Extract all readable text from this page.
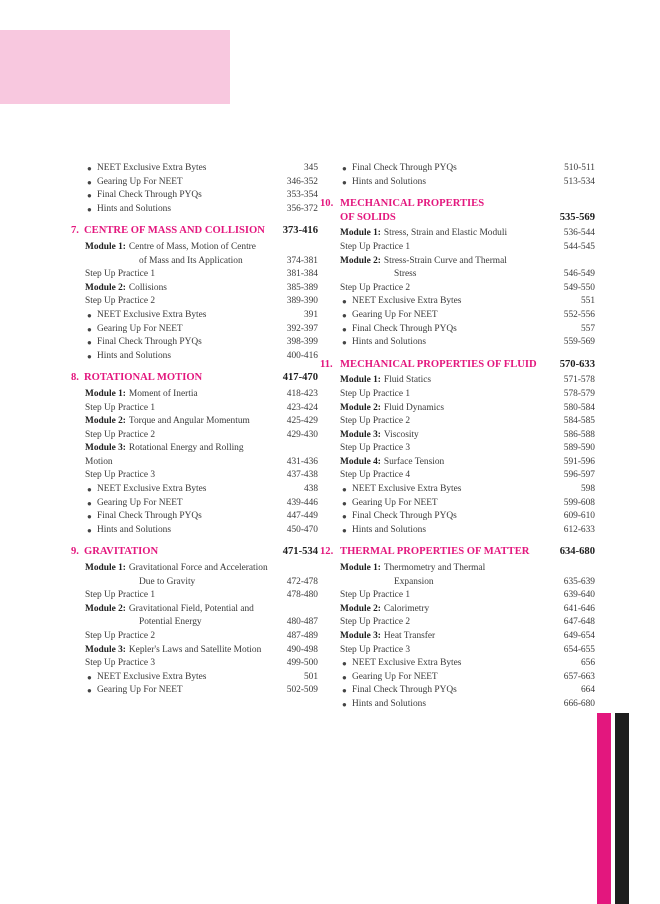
● NEET Exclusive Extra Bytes	345
● Gearing Up For NEET	346-352
● Final Check Through PYQs	353-354
● Hints and Solutions	356-372
7. CENTRE OF MASS AND COLLISION 373-416
Module 1: Centre of Mass, Motion of Centre
of Mass and Its Application	374-381
Step Up Practice 1	381-384
Module 2: Collisions	385-389
Step Up Practice 2	389-390
● NEET Exclusive Extra Bytes	391
● Gearing Up For NEET	392-397
● Final Check Through PYQs	398-399
● Hints and Solutions	400-416
8. ROTATIONAL MOTION	417-470
Module 1: Moment of Inertia	418-423
Step Up Practice 1	423-424
Module 2: Torque and Angular Momentum	425-429
Step Up Practice 2	429-430
Module 3: Rotational Energy and Rolling
Motion	431-436
Step Up Practice 3	437-438
● NEET Exclusive Extra Bytes	438
● Gearing Up For NEET	439-446
● Final Check Through PYQs	447-449
● Hints and Solutions	450-470
9. GRAVITATION	471-534
Module 1: Gravitational Force and Acceleration
Due to Gravity	472-478
Step Up Practice 1	478-480
Module 2: Gravitational Field, Potential and
Potential Energy	480-487
Step Up Practice 2	487-489
Module 3: Kepler's Laws and Satellite Motion	490-498
Step Up Practice 3	499-500
● NEET Exclusive Extra Bytes	501
● Gearing Up For NEET	502-509
● Final Check Through PYQs	510-511
● Hints and Solutions	513-534
10. MECHANICAL PROPERTIES
OF SOLIDS	535-569
Module 1: Stress, Strain and Elastic Moduli	536-544
Step Up Practice 1	544-545
Module 2: Stress-Strain Curve and Thermal
Stress	546-549
Step Up Practice 2	549-550
● NEET Exclusive Extra Bytes	551
● Gearing Up For NEET	552-556
● Final Check Through PYQs	557
● Hints and Solutions	559-569
11. MECHANICAL PROPERTIES OF FLUID 570-633
Module 1: Fluid Statics	571-578
Step Up Practice 1	578-579
Module 2: Fluid Dynamics	580-584
Step Up Practice 2	584-585
Module 3: Viscosity	586-588
Step Up Practice 3	589-590
Module 4: Surface Tension	591-596
Step Up Practice 4	596-597
● NEET Exclusive Extra Bytes	598
● Gearing Up For NEET	599-608
● Final Check Through PYQs	609-610
● Hints and Solutions	612-633
12. THERMAL PROPERTIES OF MATTER	634-680
Module 1: Thermometry and Thermal
Expansion	635-639
Step Up Practice 1	639-640
Module 2: Calorimetry	641-646
Step Up Practice 2	647-648
Module 3: Heat Transfer	649-654
Step Up Practice 3	654-655
● NEET Exclusive Extra Bytes	656
● Gearing Up For NEET	657-663
● Final Check Through PYQs	664
● Hints and Solutions	666-680
